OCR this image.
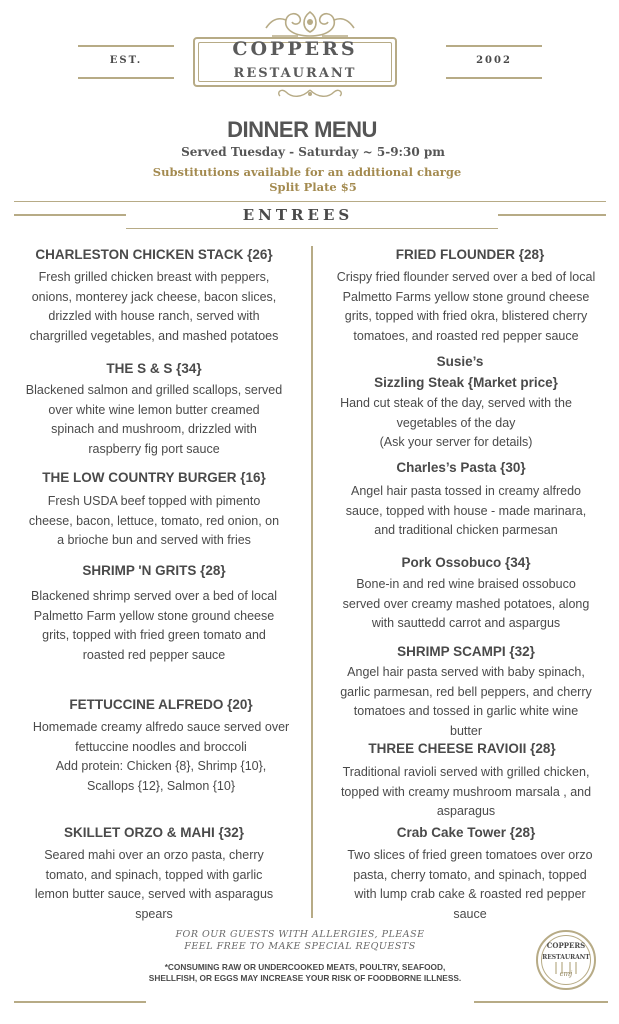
EST.	2002
COPPERS
RESTAURANT
DINNER MENU
Served Tuesday - Saturday ~ 5-9:30 pm
Substitutions available for an additional charge
Split Plate $5
ENTREES
CHARLESTON CHICKEN STACK {26}
Fresh grilled chicken breast with peppers,
onions, monterey jack cheese, bacon slices,
drizzled with house ranch, served with
chargrilled vegetables, and mashed potatoes
THE S & S {34}
Blackened salmon and grilled scallops, served
over white wine lemon butter creamed
spinach and mushroom, drizzled with
raspberry fig port sauce
THE LOW COUNTRY BURGER {16}
Fresh USDA beef topped with pimento
cheese, bacon, lettuce, tomato, red onion, on
a brioche bun and served with fries
SHRIMP 'N GRITS {28}
Blackened shrimp served over a bed of local
Palmetto Farm yellow stone ground cheese
grits, topped with fried green tomato and
roasted red pepper sauce
FETTUCCINE ALFREDO {20}
Homemade creamy alfredo sauce served over
fettuccine noodles and broccoli
Add protein: Chicken {8}, Shrimp {10},
Scallops {12}, Salmon {10}
SKILLET ORZO & MAHI {32}
Seared mahi over an orzo pasta, cherry
tomato, and spinach, topped with garlic
lemon butter sauce, served with asparagus
spears
FRIED FLOUNDER {28}
Crispy fried flounder served over a bed of local
Palmetto Farms yellow stone ground cheese
grits, topped with fried okra, blistered cherry
tomatoes, and roasted red pepper sauce
Susie’s
Sizzling Steak {Market price}
Hand cut steak of the day, served with the
vegetables of the day
(Ask your server for details)
Charles’s Pasta {30}
Angel hair pasta tossed in creamy alfredo
sauce, topped with house - made marinara,
and traditional chicken parmesan
Pork Ossobuco {34}
Bone-in and red wine braised ossobuco
served over creamy mashed potatoes, along
with sauttedd carrot and aspargus
SHRIMP SCAMPI {32}
Angel hair pasta served with baby spinach,
garlic parmesan, red bell peppers, and cherry
tomatoes and tossed in garlic white wine
butter
THREE CHEESE RAVIOII {28}
Traditional ravioli served with grilled chicken,
topped with creamy mushroom marsala , and
asparagus
Crab Cake Tower {28}
Two slices of fried green tomatoes over orzo
pasta, cherry tomato, and spinach, topped
with lump crab cake & roasted red pepper
sauce
FOR OUR GUESTS WITH ALLERGIES, PLEASE
FEEL FREE TO MAKE SPECIAL REQUESTS
*CONSUMING RAW OR UNDERCOOKED MEATS, POULTRY, SEAFOOD,
SHELLFISH, OR EGGS MAY INCREASE YOUR RISK OF FOODBORNE ILLNESS.
COPPERS
RESTAURANT
cmj
